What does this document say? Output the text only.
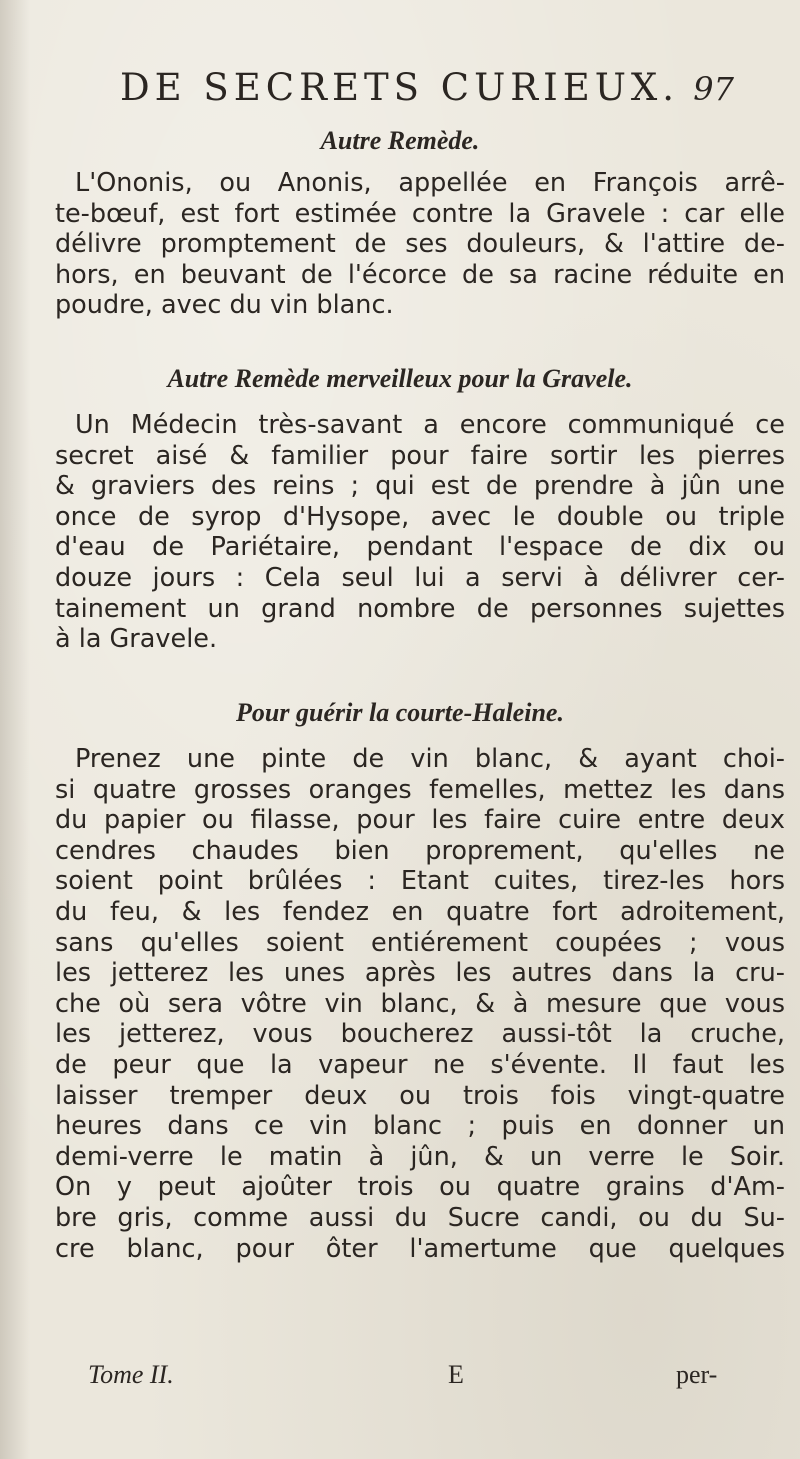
DE SECRETS CURIEUX. 97
Autre Remède.
L'Ononis, ou Anonis, appellée en François arrê-
te-bœuf, est fort estimée contre la Gravele : car elle
délivre promptement de ses douleurs, & l'attire de-
hors, en beuvant de l'écorce de sa racine réduite en
poudre, avec du vin blanc.
Autre Remède merveilleux pour la Gravele.
Un Médecin très-savant a encore communiqué ce
secret aisé & familier pour faire sortir les pierres
& graviers des reins ; qui est de prendre à jûn une
once de syrop d'Hysope, avec le double ou triple
d'eau de Pariétaire, pendant l'espace de dix ou
douze jours : Cela seul lui a servi à délivrer cer-
tainement un grand nombre de personnes sujettes
à la Gravele.
Pour guérir la courte-Haleine.
Prenez une pinte de vin blanc, & ayant choi-
si quatre grosses oranges femelles, mettez les dans
du papier ou filasse, pour les faire cuire entre deux
cendres chaudes bien proprement, qu'elles ne
soient point brûlées : Etant cuites, tirez-les hors
du feu, & les fendez en quatre fort adroitement,
sans qu'elles soient entiérement coupées ; vous
les jetterez les unes après les autres dans la cru-
che où sera vôtre vin blanc, & à mesure que vous
les jetterez, vous boucherez aussi-tôt la cruche,
de peur que la vapeur ne s'évente. Il faut les
laisser tremper deux ou trois fois vingt-quatre
heures dans ce vin blanc ; puis en donner un
demi-verre le matin à jûn, & un verre le Soir.
On y peut ajoûter trois ou quatre grains d'Am-
bre gris, comme aussi du Sucre candi, ou du Su-
cre blanc, pour ôter l'amertume que quelques
Tome II.	E	per-
